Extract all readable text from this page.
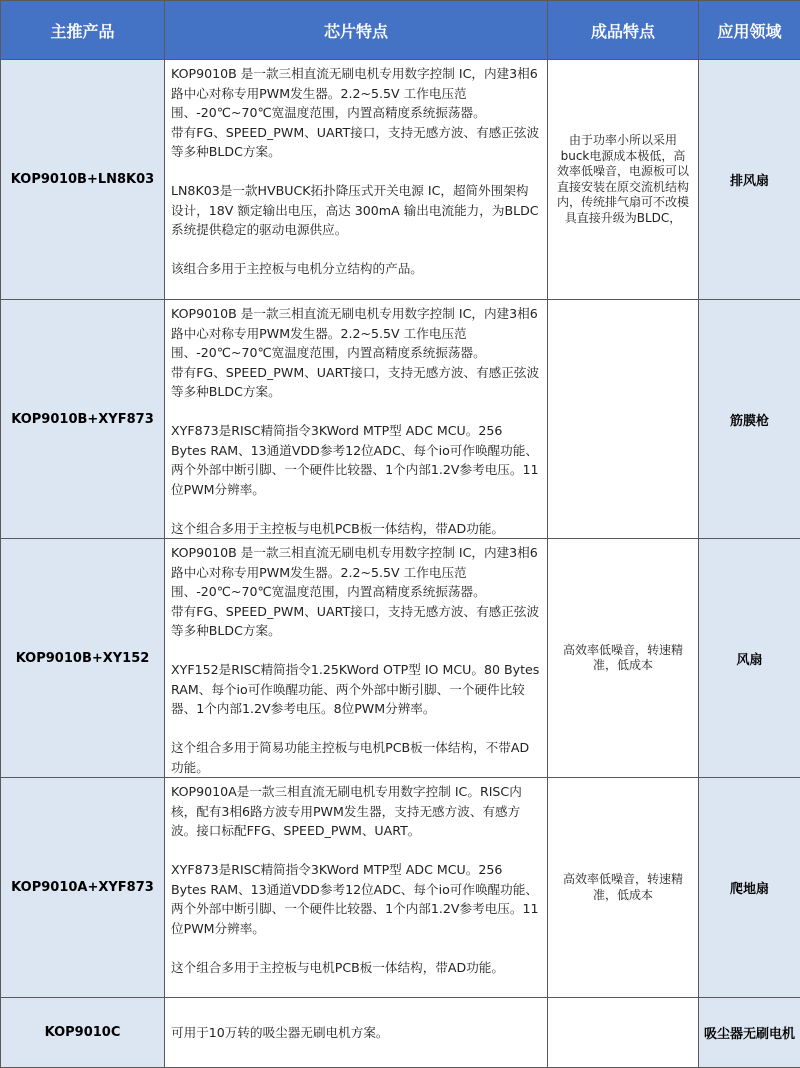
主推产品	芯片特点	成品特点	应用领域
KOP9010B+LN8K03	KOP9010B 是一款三相直流无刷电机专用数字控制 IC，内建3相6路中心对称专用PWM发生器。2.2~5.5V 工作电压范围、-20℃~70℃宽温度范围，内置高精度系统振荡器。
带有FG、SPEED_PWM、UART接口，支持无感方波、有感正弦波等多种BLDC方案。

LN8K03是一款HVBUCK拓扑降压式开关电源 IC，超简外围架构设计，18V 额定输出电压，高达 300mA 输出电流能力，为BLDC系统提供稳定的驱动电源供应。

该组合多用于主控板与电机分立结构的产品。	由于功率小所以采用buck电源成本极低，高效率低噪音，电源板可以直接安装在原交流机结构内，传统排气扇可不改模具直接升级为BLDC，	排风扇
KOP9010B+XYF873	KOP9010B 是一款三相直流无刷电机专用数字控制 IC，内建3相6路中心对称专用PWM发生器。2.2~5.5V 工作电压范围、-20℃~70℃宽温度范围，内置高精度系统振荡器。
带有FG、SPEED_PWM、UART接口，支持无感方波、有感正弦波等多种BLDC方案。

XYF873是RISC精简指令3KWord MTP型 ADC MCU。256 Bytes RAM、13通道VDD参考12位ADC、每个io可作唤醒功能、两个外部中断引脚、一个硬件比较器、1个内部1.2V参考电压。11位PWM分辨率。

这个组合多用于主控板与电机PCB板一体结构，带AD功能。		筋膜枪
KOP9010B+XY152	KOP9010B 是一款三相直流无刷电机专用数字控制 IC，内建3相6路中心对称专用PWM发生器。2.2~5.5V 工作电压范围、-20℃~70℃宽温度范围，内置高精度系统振荡器。
带有FG、SPEED_PWM、UART接口，支持无感方波、有感正弦波等多种BLDC方案。

XYF152是RISC精简指令1.25KWord OTP型 IO MCU。80 Bytes RAM、每个io可作唤醒功能、两个外部中断引脚、一个硬件比较器、1个内部1.2V参考电压。8位PWM分辨率。

这个组合多用于简易功能主控板与电机PCB板一体结构，不带AD功能。	高效率低噪音，转速精准，低成本	风扇
KOP9010A+XYF873	KOP9010A是一款三相直流无刷电机专用数字控制 IC。RISC内核，配有3相6路方波专用PWM发生器，支持无感方波、有感方波。接口标配FFG、SPEED_PWM、UART。

XYF873是RISC精简指令3KWord MTP型 ADC MCU。256 Bytes RAM、13通道VDD参考12位ADC、每个io可作唤醒功能、两个外部中断引脚、一个硬件比较器、1个内部1.2V参考电压。11位PWM分辨率。

这个组合多用于主控板与电机PCB板一体结构，带AD功能。	高效率低噪音，转速精准，低成本	爬地扇
KOP9010C	可用于10万转的吸尘器无刷电机方案。		吸尘器无刷电机
